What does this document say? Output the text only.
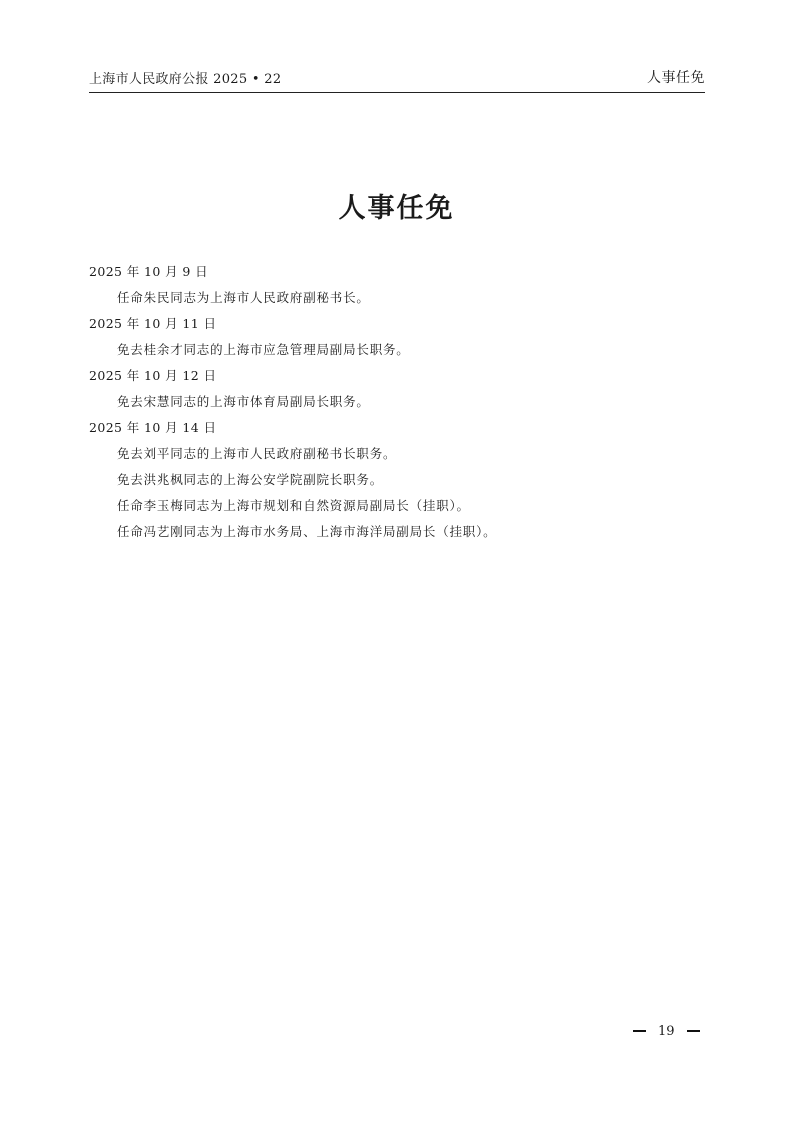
上海市人民政府公报 2025 • 22	人事任免
人事任免
2025 年 10 月 9 日
任命朱民同志为上海市人民政府副秘书长。
2025 年 10 月 11 日
免去桂余才同志的上海市应急管理局副局长职务。
2025 年 10 月 12 日
免去宋慧同志的上海市体育局副局长职务。
2025 年 10 月 14 日
免去刘平同志的上海市人民政府副秘书长职务。
免去洪兆枫同志的上海公安学院副院长职务。
任命李玉梅同志为上海市规划和自然资源局副局长（挂职）。
任命冯艺刚同志为上海市水务局、上海市海洋局副局长（挂职）。
19
